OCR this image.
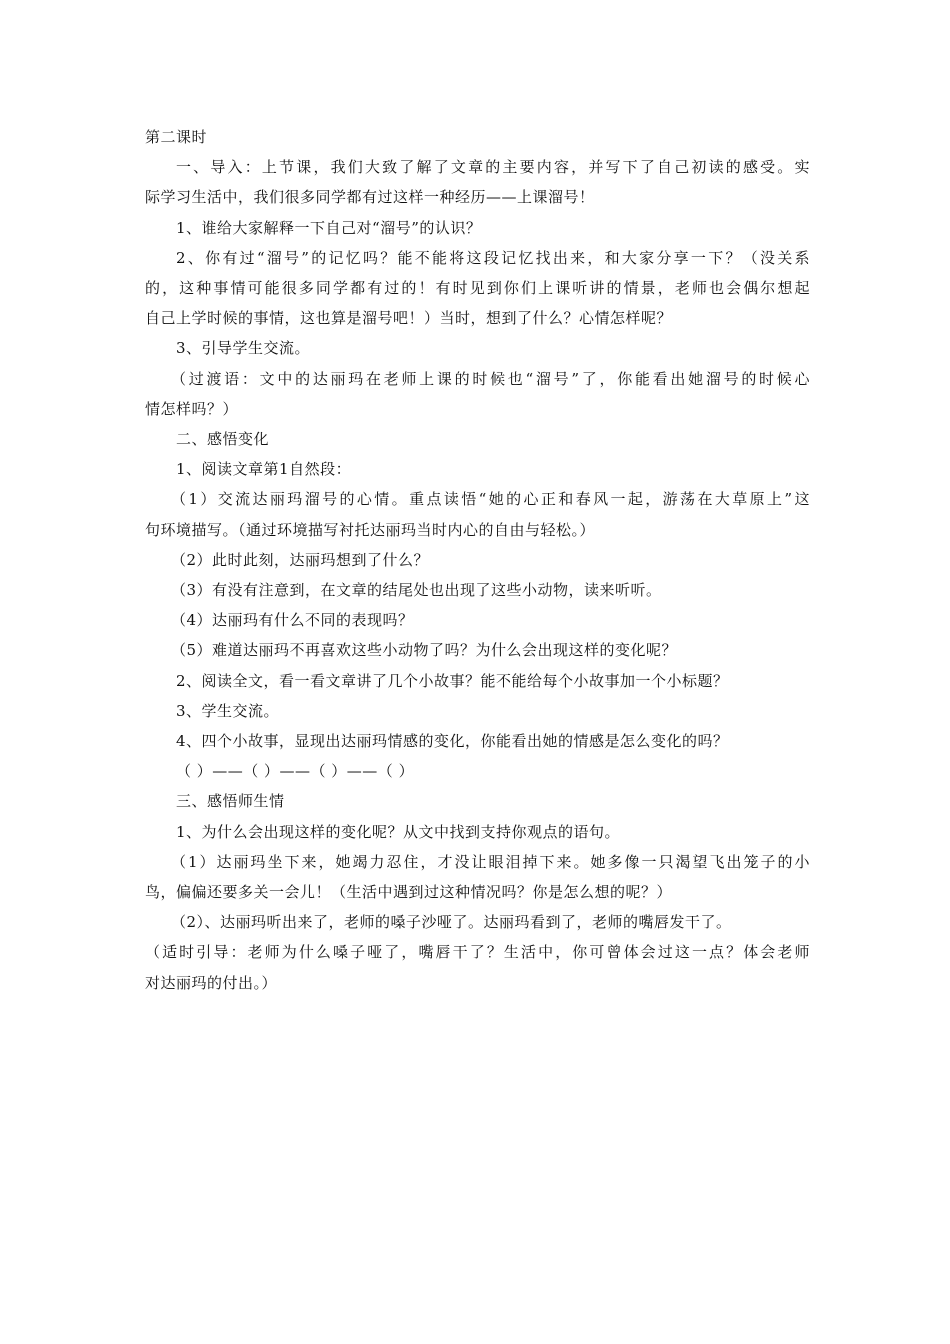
第二课时
一、导入：上节课，我们大致了解了文章的主要内容，并写下了自己初读的感受。实
际学习生活中，我们很多同学都有过这样一种经历——上课溜号！
1、谁给大家解释一下自己对“溜号”的认识？
2、你有过“溜号”的记忆吗？能不能将这段记忆找出来，和大家分享一下？（没关系
的，这种事情可能很多同学都有过的！有时见到你们上课听讲的情景，老师也会偶尔想起
自己上学时候的事情，这也算是溜号吧！）当时，想到了什么？心情怎样呢？
3、引导学生交流。
（过渡语：文中的达丽玛在老师上课的时候也“溜号”了，你能看出她溜号的时候心
情怎样吗？）
二、感悟变化
1、阅读文章第1自然段：
（1）交流达丽玛溜号的心情。重点读悟“她的心正和春风一起，游荡在大草原上”这
句环境描写。（通过环境描写衬托达丽玛当时内心的自由与轻松。）
（2）此时此刻，达丽玛想到了什么？
（3）有没有注意到，在文章的结尾处也出现了这些小动物，读来听听。
（4）达丽玛有什么不同的表现吗？
（5）难道达丽玛不再喜欢这些小动物了吗？为什么会出现这样的变化呢？
2、阅读全文，看一看文章讲了几个小故事？能不能给每个小故事加一个小标题？
3、学生交流。
4、四个小故事，显现出达丽玛情感的变化，你能看出她的情感是怎么变化的吗？
（ ）——（ ）——（ ）——（ ）
三、感悟师生情
1、为什么会出现这样的变化呢？从文中找到支持你观点的语句。
（1）达丽玛坐下来，她竭力忍住，才没让眼泪掉下来。她多像一只渴望飞出笼子的小
鸟，偏偏还要多关一会儿！（生活中遇到过这种情况吗？你是怎么想的呢？）
（2）、达丽玛听出来了，老师的嗓子沙哑了。达丽玛看到了，老师的嘴唇发干了。
（适时引导：老师为什么嗓子哑了，嘴唇干了？生活中，你可曾体会过这一点？体会老师
对达丽玛的付出。）
